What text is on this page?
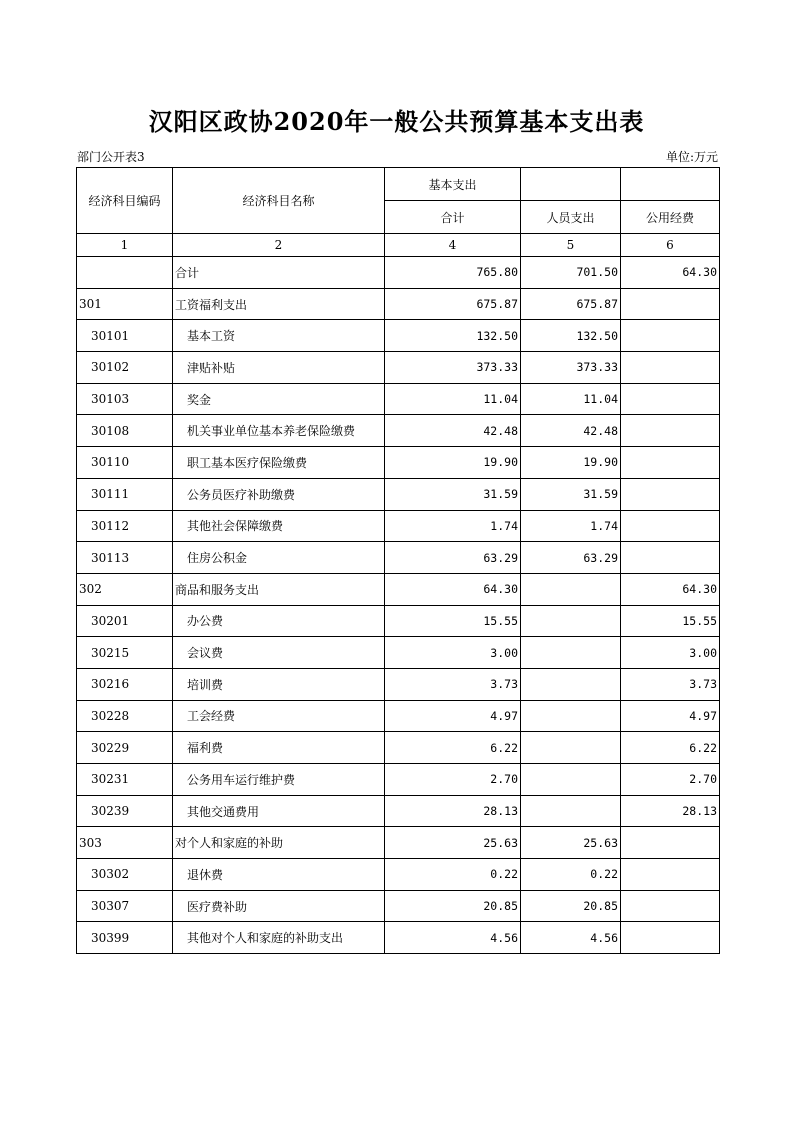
汉阳区政协2020年一般公共预算基本支出表
部门公开表3	单位:万元
经济科目编码	经济科目名称	基本支出		
		合计	人员支出	公用经费
1	2	4	5	6
	合计	765.80	701.50	64.30
301	工资福利支出	675.87	675.87	
30101	基本工资	132.50	132.50	
30102	津贴补贴	373.33	373.33	
30103	奖金	11.04	11.04	
30108	机关事业单位基本养老保险缴费	42.48	42.48	
30110	职工基本医疗保险缴费	19.90	19.90	
30111	公务员医疗补助缴费	31.59	31.59	
30112	其他社会保障缴费	1.74	1.74	
30113	住房公积金	63.29	63.29	
302	商品和服务支出	64.30		64.30
30201	办公费	15.55		15.55
30215	会议费	3.00		3.00
30216	培训费	3.73		3.73
30228	工会经费	4.97		4.97
30229	福利费	6.22		6.22
30231	公务用车运行维护费	2.70		2.70
30239	其他交通费用	28.13		28.13
303	对个人和家庭的补助	25.63	25.63	
30302	退休费	0.22	0.22	
30307	医疗费补助	20.85	20.85	
30399	其他对个人和家庭的补助支出	4.56	4.56	
